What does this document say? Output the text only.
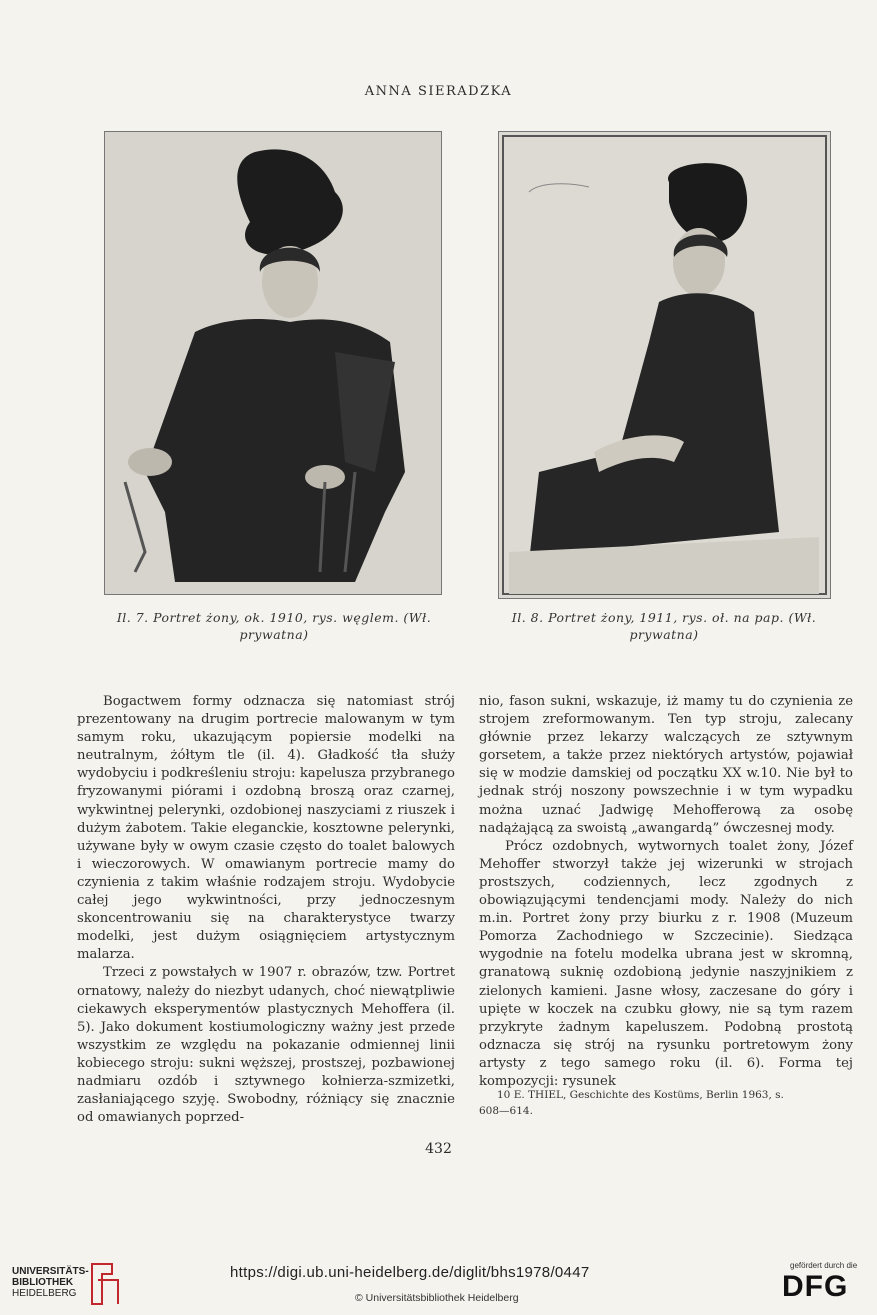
ANNA SIERADZKA
Il. 7. Portret żony, ok. 1910, rys. węglem. (Wł.
prywatna)
Il. 8. Portret żony, 1911, rys. oł. na pap. (Wł.
prywatna)

Bogactwem formy odznacza się natomiast strój prezentowany na drugim portrecie malowanym w tym samym roku, ukazującym popiersie modelki na neutralnym, żółtym tle (il. 4). Gładkość tła służy wydobyciu i podkreśleniu stroju: kapelusza przybranego fryzowanymi piórami i ozdobną broszą oraz czarnej, wykwintnej pelerynki, ozdobionej naszyciami z riuszek i dużym żabotem. Takie eleganckie, kosztowne pelerynki, używane były w owym czasie często do toalet balowych i wieczorowych. W omawianym portrecie mamy do czynienia z takim właśnie rodzajem stroju. Wydobycie całej jego wykwintności, przy jednoczesnym skoncentrowaniu się na charakterystyce twarzy modelki, jest dużym osiągnięciem artystycznym malarza.

Trzeci z powstałych w 1907 r. obrazów, tzw. Portret ornatowy, należy do niezbyt udanych, choć niewątpliwie ciekawych eksperymentów plastycznych Mehoffera (il. 5). Jako dokument kostiumologiczny ważny jest przede wszystkim ze względu na pokazanie odmiennej linii kobiecego stroju: sukni węższej, prostszej, pozbawionej nadmiaru ozdób i sztywnego kołnierza-szmizetki, zasłaniającego szyję. Swobodny, różniący się znacznie od omawianych poprzed-

nio, fason sukni, wskazuje, iż mamy tu do czynienia ze strojem zreformowanym. Ten typ stroju, zalecany głównie przez lekarzy walczących ze sztywnym gorsetem, a także przez niektórych artystów, pojawiał się w modzie damskiej od początku XX w.10. Nie był to jednak strój noszony powszechnie i w tym wypadku można uznać Jadwigę Mehofferową za osobę nadążającą za swoistą „awangardą” ówczesnej mody.

Prócz ozdobnych, wytwornych toalet żony, Józef Mehoffer stworzył także jej wizerunki w strojach prostszych, codziennych, lecz zgodnych z obowiązującymi tendencjami mody. Należy do nich m.in. Portret żony przy biurku z r. 1908 (Muzeum Pomorza Zachodniego w Szczecinie). Siedząca wygodnie na fotelu modelka ubrana jest w skromną, granatową suknię ozdobioną jedynie naszyjnikiem z zielonych kamieni. Jasne włosy, zaczesane do góry i upięte w koczek na czubku głowy, nie są tym razem przykryte żadnym kapeluszem. Podobną prostotą odznacza się strój na rysunku portretowym żony artysty z tego samego roku (il. 6). Forma tej kompozycji: rysunek

10 E. THIEL, Geschichte des Kostüms, Berlin 1963, s.
608—614.
432
UNIVERSITÄTS-
BIBLIOTHEK
HEIDELBERG
https://digi.ub.uni-heidelberg.de/diglit/bhs1978/0447
© Universitätsbibliothek Heidelberg
gefördert durch die
DFG
